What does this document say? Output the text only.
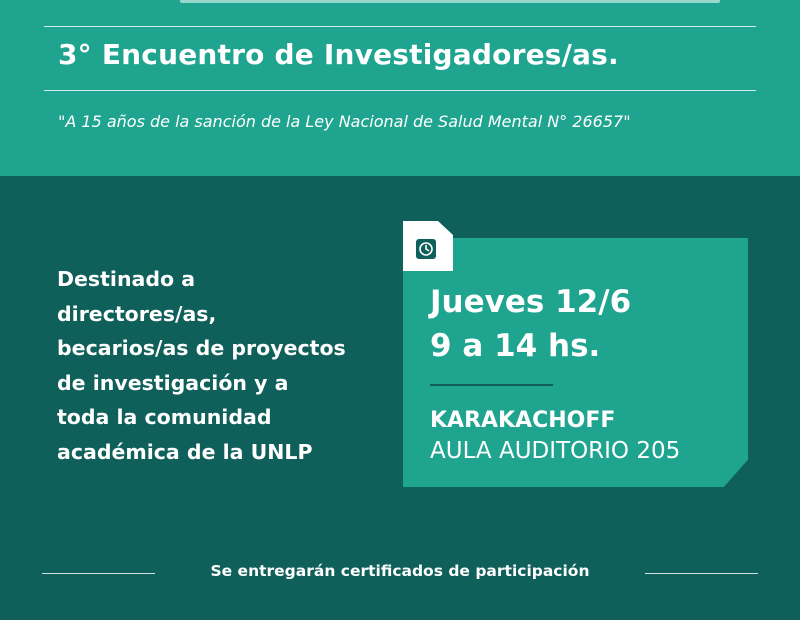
3° Encuentro de Investigadores/as.
"A 15 años de la sanción de la Ley Nacional de Salud Mental N° 26657"
Destinado a
directores/as,
becarios/as de proyectos
de investigación y a
toda la comunidad
académica de la UNLP
Jueves 12/6
9 a 14 hs.
KARAKACHOFF
AULA AUDITORIO 205
Se entregarán certificados de participación
